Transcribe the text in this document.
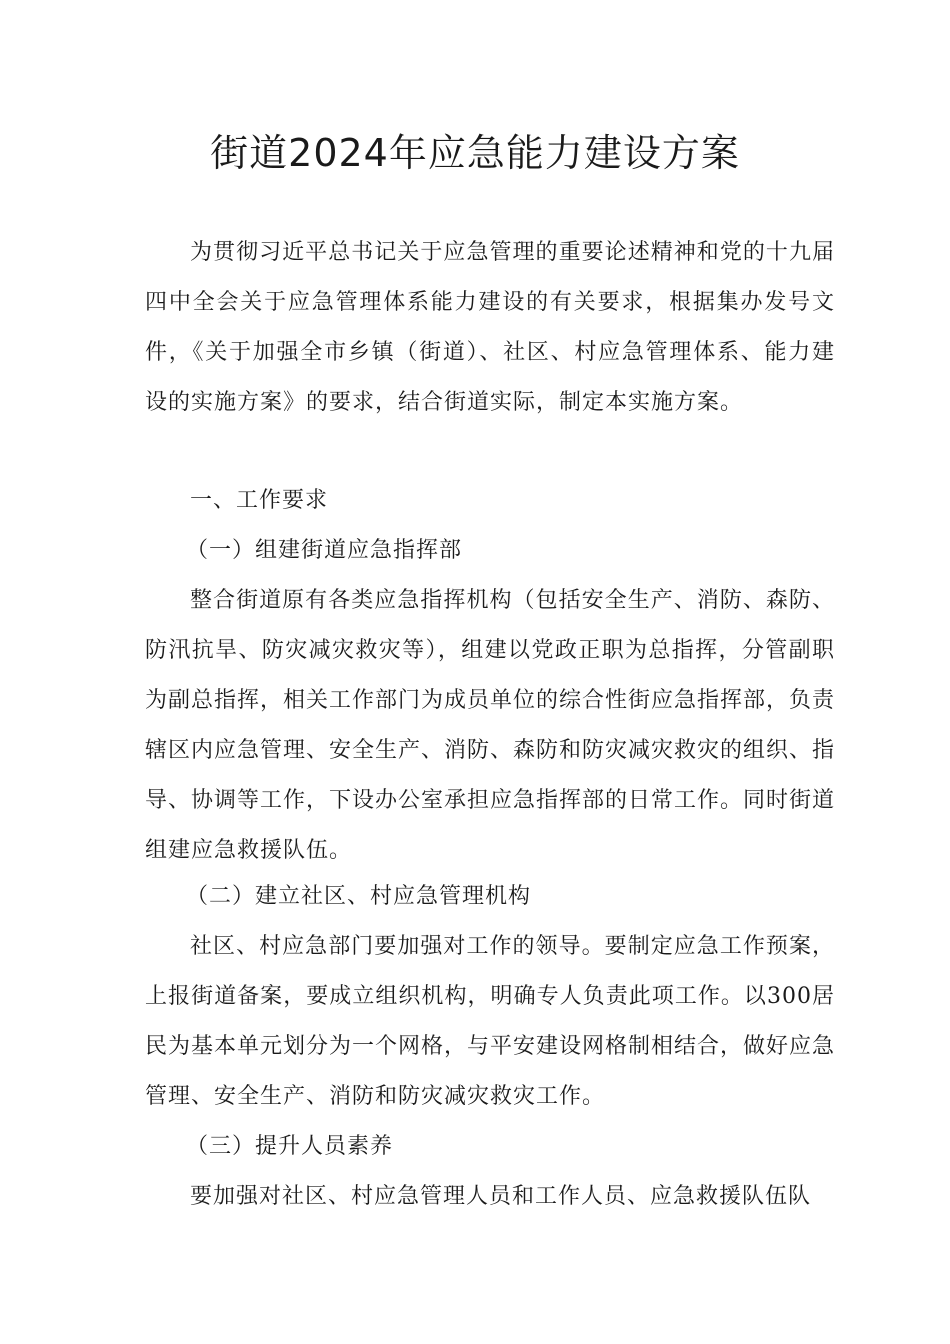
街道2024年应急能力建设方案

为贯彻习近平总书记关于应急管理的重要论述精神和党的十九届四中全会关于应急管理体系能力建设的有关要求，根据集办发号文件，《关于加强全市乡镇（街道）、社区、村应急管理体系、能力建设的实施方案》的要求，结合街道实际，制定本实施方案。

一、工作要求

（一）组建街道应急指挥部

整合街道原有各类应急指挥机构（包括安全生产、消防、森防、防汛抗旱、防灾减灾救灾等），组建以党政正职为总指挥，分管副职为副总指挥，相关工作部门为成员单位的综合性街应急指挥部，负责辖区内应急管理、安全生产、消防、森防和防灾减灾救灾的组织、指导、协调等工作，下设办公室承担应急指挥部的日常工作。同时街道组建应急救援队伍。

（二）建立社区、村应急管理机构

社区、村应急部门要加强对工作的领导。要制定应急工作预案，上报街道备案，要成立组织机构，明确专人负责此项工作。以300居民为基本单元划分为一个网格，与平安建设网格制相结合，做好应急管理、安全生产、消防和防灾减灾救灾工作。

（三）提升人员素养

要加强对社区、村应急管理人员和工作人员、应急救援队伍队
